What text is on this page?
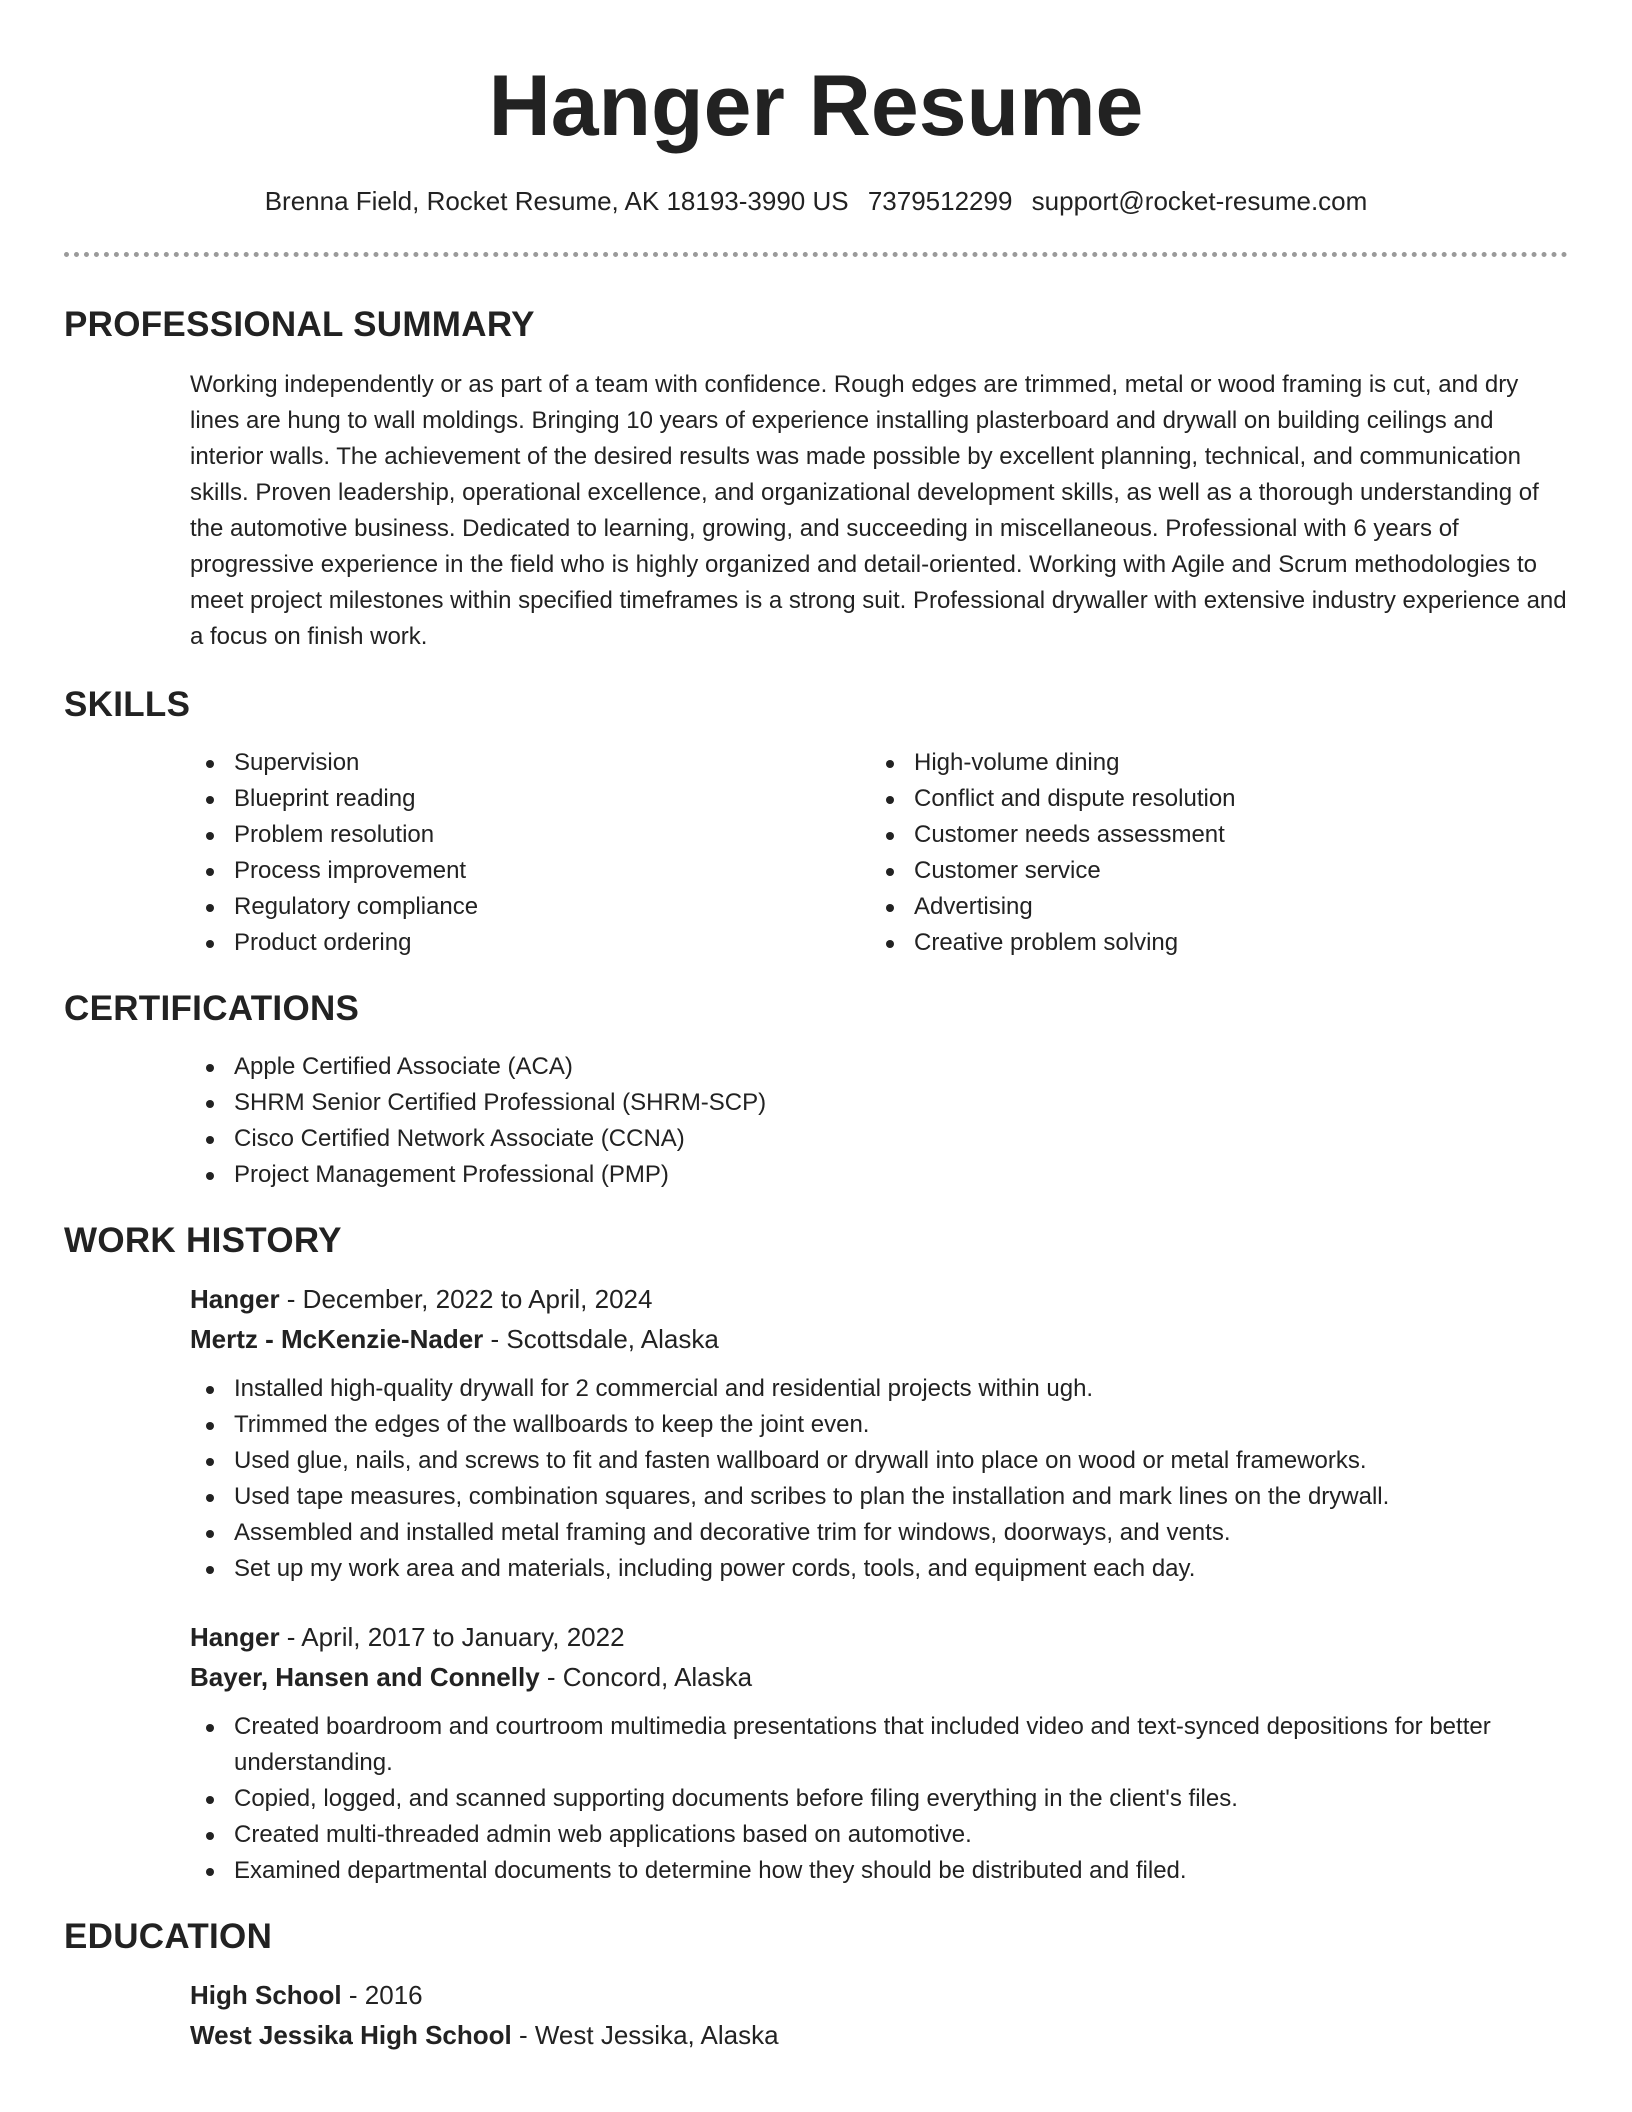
Hanger Resume
Brenna Field, Rocket Resume, AK 18193-3990 US 7379512299 support@rocket-resume.com
PROFESSIONAL SUMMARY

Working independently or as part of a team with confidence. Rough edges are trimmed, metal or wood framing is cut, and dry lines are hung to wall moldings. Bringing 10 years of experience installing plasterboard and drywall on building ceilings and interior walls. The achievement of the desired results was made possible by excellent planning, technical, and communication skills. Proven leadership, operational excellence, and organizational development skills, as well as a thorough understanding of the automotive business. Dedicated to learning, growing, and succeeding in miscellaneous. Professional with 6 years of progressive experience in the field who is highly organized and detail-oriented. Working with Agile and Scrum methodologies to meet project milestones within specified timeframes is a strong suit. Professional drywaller with extensive industry experience and a focus on finish work.

SKILLS
Supervision
Blueprint reading
Problem resolution
Process improvement
Regulatory compliance
Product ordering
High-volume dining
Conflict and dispute resolution
Customer needs assessment
Customer service
Advertising
Creative problem solving
CERTIFICATIONS
Apple Certified Associate (ACA)
SHRM Senior Certified Professional (SHRM-SCP)
Cisco Certified Network Associate (CCNA)
Project Management Professional (PMP)
WORK HISTORY
Hanger - December, 2022 to April, 2024
Mertz - McKenzie-Nader - Scottsdale, Alaska
Installed high-quality drywall for 2 commercial and residential projects within ugh.
Trimmed the edges of the wallboards to keep the joint even.
Used glue, nails, and screws to fit and fasten wallboard or drywall into place on wood or metal frameworks.
Used tape measures, combination squares, and scribes to plan the installation and mark lines on the drywall.
Assembled and installed metal framing and decorative trim for windows, doorways, and vents.
Set up my work area and materials, including power cords, tools, and equipment each day.
Hanger - April, 2017 to January, 2022
Bayer, Hansen and Connelly - Concord, Alaska
Created boardroom and courtroom multimedia presentations that included video and text-synced depositions for better understanding.
Copied, logged, and scanned supporting documents before filing everything in the client's files.
Created multi-threaded admin web applications based on automotive.
Examined departmental documents to determine how they should be distributed and filed.
EDUCATION
High School - 2016
West Jessika High School - West Jessika, Alaska
